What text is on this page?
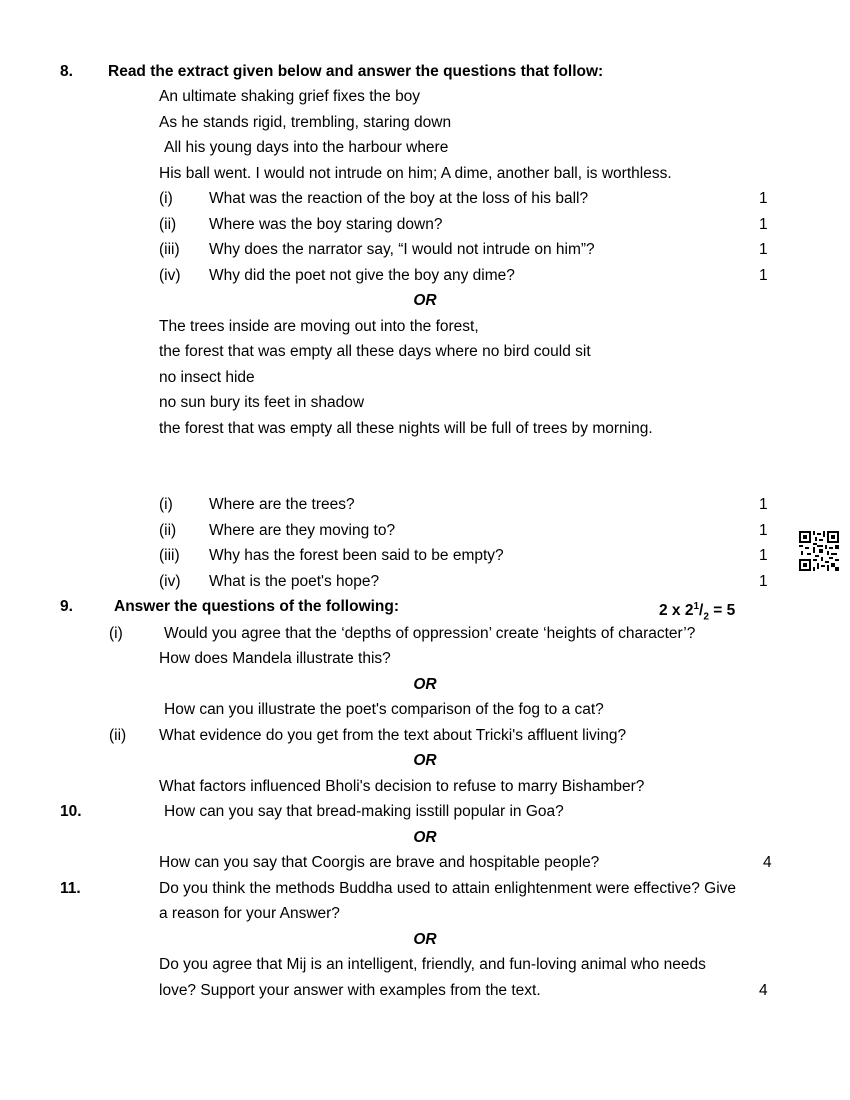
8. Read the extract given below and answer the questions that follow:
An ultimate shaking grief fixes the boy
As he stands rigid, trembling, staring down
All his young days into the harbour where
His ball went. I would not intrude on him; A dime, another ball, is worthless.
(i) What was the reaction of the boy at the loss of his ball?	1
(ii) Where was the boy staring down?	1
(iii) Why does the narrator say, “I would not intrude on him”?	1
(iv) Why did the poet not give the boy any dime?	1
OR
The trees inside are moving out into the forest,
the forest that was empty all these days where no bird could sit
no insect hide
no sun bury its feet in shadow
the forest that was empty all these nights will be full of trees by morning.
(i) Where are the trees?	1
(ii) Where are they moving to?	1
(iii) Why has the forest been said to be empty?	1
(iv) What is the poet's hope?	1
9.	Answer the questions of the following:	2 x $2^1/_2 = 5$
(i)	Would you agree that the ‘depths of oppression’ create ‘heights of character’?
How does Mandela illustrate this?
OR
How can you illustrate the poet's comparison of the fog to a cat?
(ii) What evidence do you get from the text about Tricki's affluent living?
OR
What factors influenced Bholi's decision to refuse to marry Bishamber?
10.	How can you say that bread-making isstill popular in Goa?
OR
How can you say that Coorgis are brave and hospitable people?	4
11.	Do you think the methods Buddha used to attain enlightenment were effective? Give
a reason for your Answer?
OR
Do you agree that Mij is an intelligent, friendly, and fun-loving animal who needs
love? Support your answer with examples from the text.	4
